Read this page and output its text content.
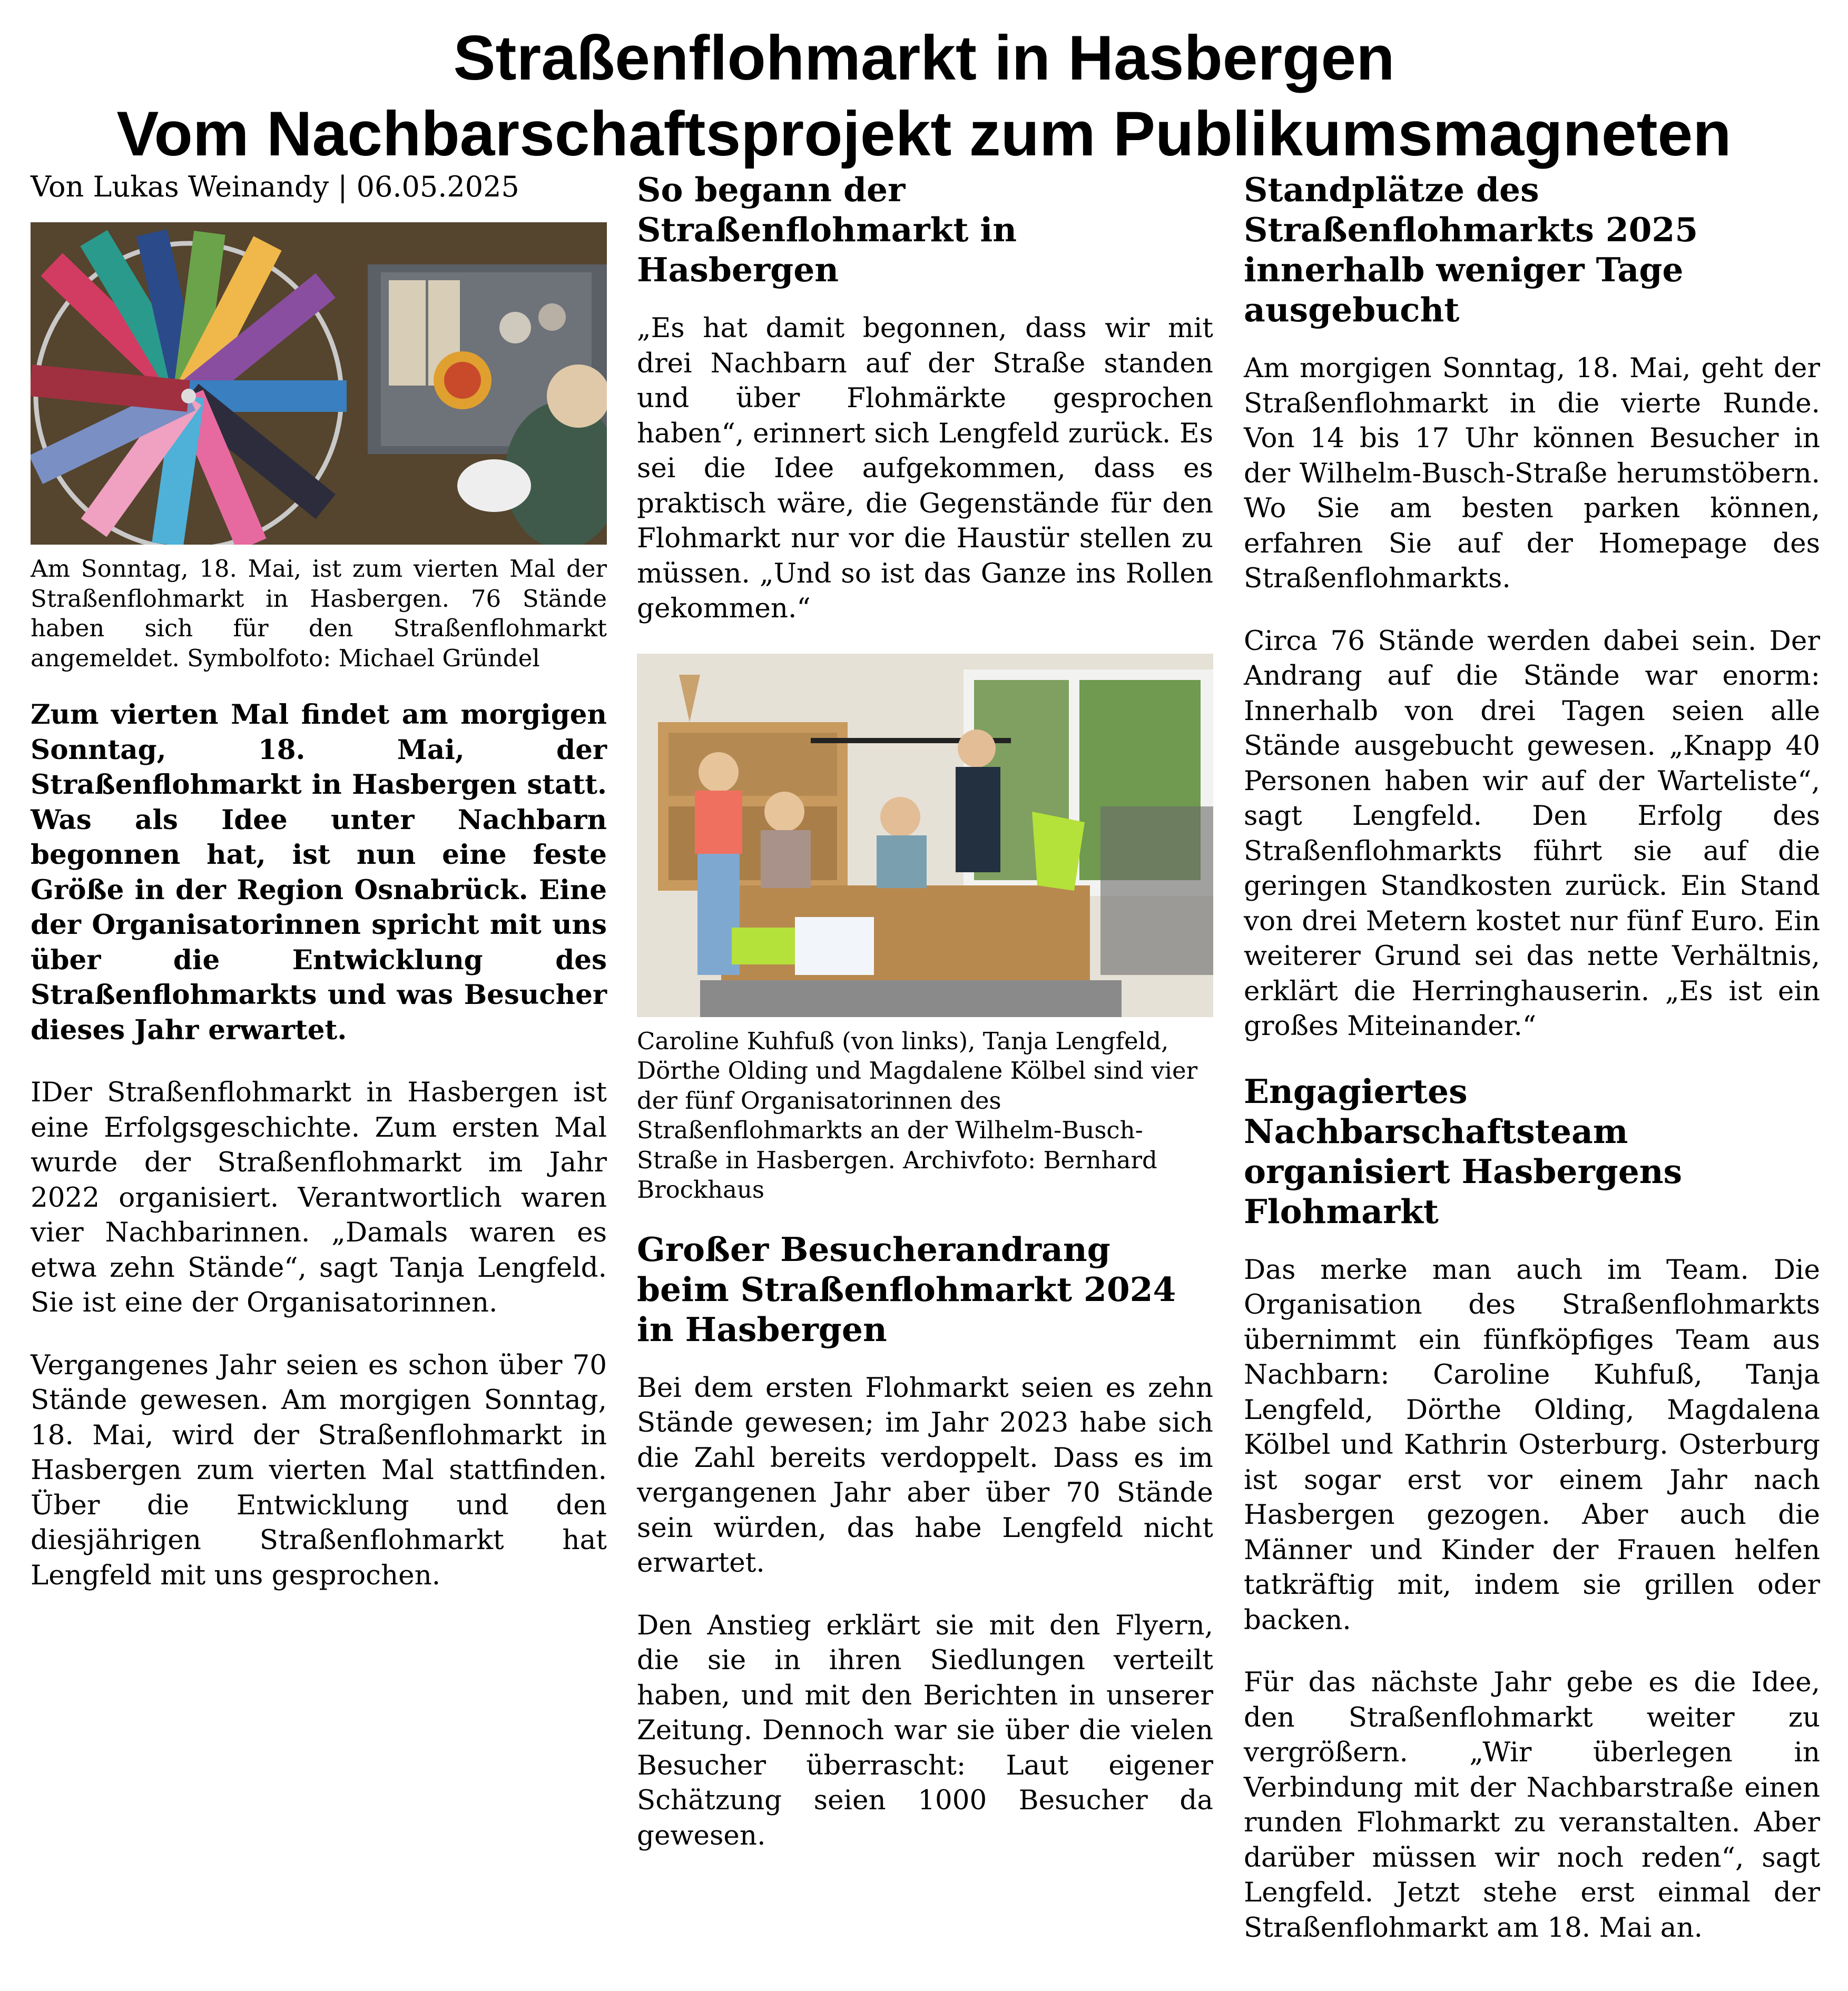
Straßenflohmarkt in Hasbergen
Vom Nachbarschaftsprojekt zum Publikumsmagneten
Von Lukas Weinandy | 06.05.2025
Am Sonntag, 18. Mai, ist zum vierten Mal der Straßenflohmarkt in Hasbergen. 76 Stände haben sich für den Straßenflohmarkt angemeldet. Symbolfoto: Michael Gründel
Zum vierten Mal findet am morgigen Sonntag, 18. Mai, der Straßenflohmarkt in Hasbergen statt. Was als Idee unter Nachbarn begonnen hat, ist nun eine feste Größe in der Region Osnabrück. Eine der Organisatorinnen spricht mit uns über die Entwicklung des Straßenflohmarkts und was Besucher dieses Jahr erwartet.
IDer Straßenflohmarkt in Hasbergen ist eine Erfolgsgeschichte. Zum ersten Mal wurde der Straßenflohmarkt im Jahr 2022 organisiert. Verantwortlich waren vier Nachbarinnen. „Damals waren es etwa zehn Stände“, sagt Tanja Lengfeld. Sie ist eine der Organisatorinnen.
Vergangenes Jahr seien es schon über 70 Stände gewesen. Am morgigen Sonntag, 18. Mai, wird der Straßenflohmarkt in Hasbergen zum vierten Mal stattfinden. Über die Entwicklung und den diesjährigen Straßenflohmarkt hat Lengfeld mit uns gesprochen.
So begann der Straßenflohmarkt in Hasbergen
„Es hat damit begonnen, dass wir mit drei Nachbarn auf der Straße standen und über Flohmärkte gesprochen haben“, erinnert sich Lengfeld zurück. Es sei die Idee aufgekommen, dass es praktisch wäre, die Gegenstände für den Flohmarkt nur vor die Haustür stellen zu müssen. „Und so ist das Ganze ins Rollen gekommen.“
Caroline Kuhfuß (von links), Tanja Lengfeld, Dörthe Olding und Magdalene Kölbel sind vier der fünf Organisatorinnen des Straßenflohmarkts an der Wilhelm-Busch-Straße in Hasbergen. Archivfoto: Bernhard Brockhaus
Großer Besucherandrang beim Straßenflohmarkt 2024 in Hasbergen
Bei dem ersten Flohmarkt seien es zehn Stände gewesen; im Jahr 2023 habe sich die Zahl bereits verdoppelt. Dass es im vergangenen Jahr aber über 70 Stände sein würden, das habe Lengfeld nicht erwartet.
Den Anstieg erklärt sie mit den Flyern, die sie in ihren Siedlungen verteilt haben, und mit den Berichten in unserer Zeitung. Dennoch war sie über die vielen Besucher überrascht: Laut eigener Schätzung seien 1000 Besucher da gewesen.
Standplätze des Straßenflohmarkts 2025 innerhalb weniger Tage ausgebucht
Am morgigen Sonntag, 18. Mai, geht der Straßenflohmarkt in die vierte Runde. Von 14 bis 17 Uhr können Besucher in der Wilhelm-Busch-Straße herumstöbern. Wo Sie am besten parken können, erfahren Sie auf der Homepage des Straßenflohmarkts.
Circa 76 Stände werden dabei sein. Der Andrang auf die Stände war enorm: Innerhalb von drei Tagen seien alle Stände ausgebucht gewesen. „Knapp 40 Personen haben wir auf der Warteliste“, sagt Lengfeld. Den Erfolg des Straßenflohmarkts führt sie auf die geringen Standkosten zurück. Ein Stand von drei Metern kostet nur fünf Euro. Ein weiterer Grund sei das nette Verhältnis, erklärt die Herringhauserin. „Es ist ein großes Miteinander.“
Engagiertes Nachbarschaftsteam organisiert Hasbergens Flohmarkt
Das merke man auch im Team. Die Organisation des Straßenflohmarkts übernimmt ein fünfköpfiges Team aus Nachbarn: Caroline Kuhfuß, Tanja Lengfeld, Dörthe Olding, Magdalena Kölbel und Kathrin Osterburg. Osterburg ist sogar erst vor einem Jahr nach Hasbergen gezogen. Aber auch die Männer und Kinder der Frauen helfen tatkräftig mit, indem sie grillen oder backen.
Für das nächste Jahr gebe es die Idee, den Straßenflohmarkt weiter zu vergrößern. „Wir überlegen in Verbindung mit der Nachbarstraße einen runden Flohmarkt zu veranstalten. Aber darüber müssen wir noch reden“, sagt Lengfeld. Jetzt stehe erst einmal der Straßenflohmarkt am 18. Mai an.
